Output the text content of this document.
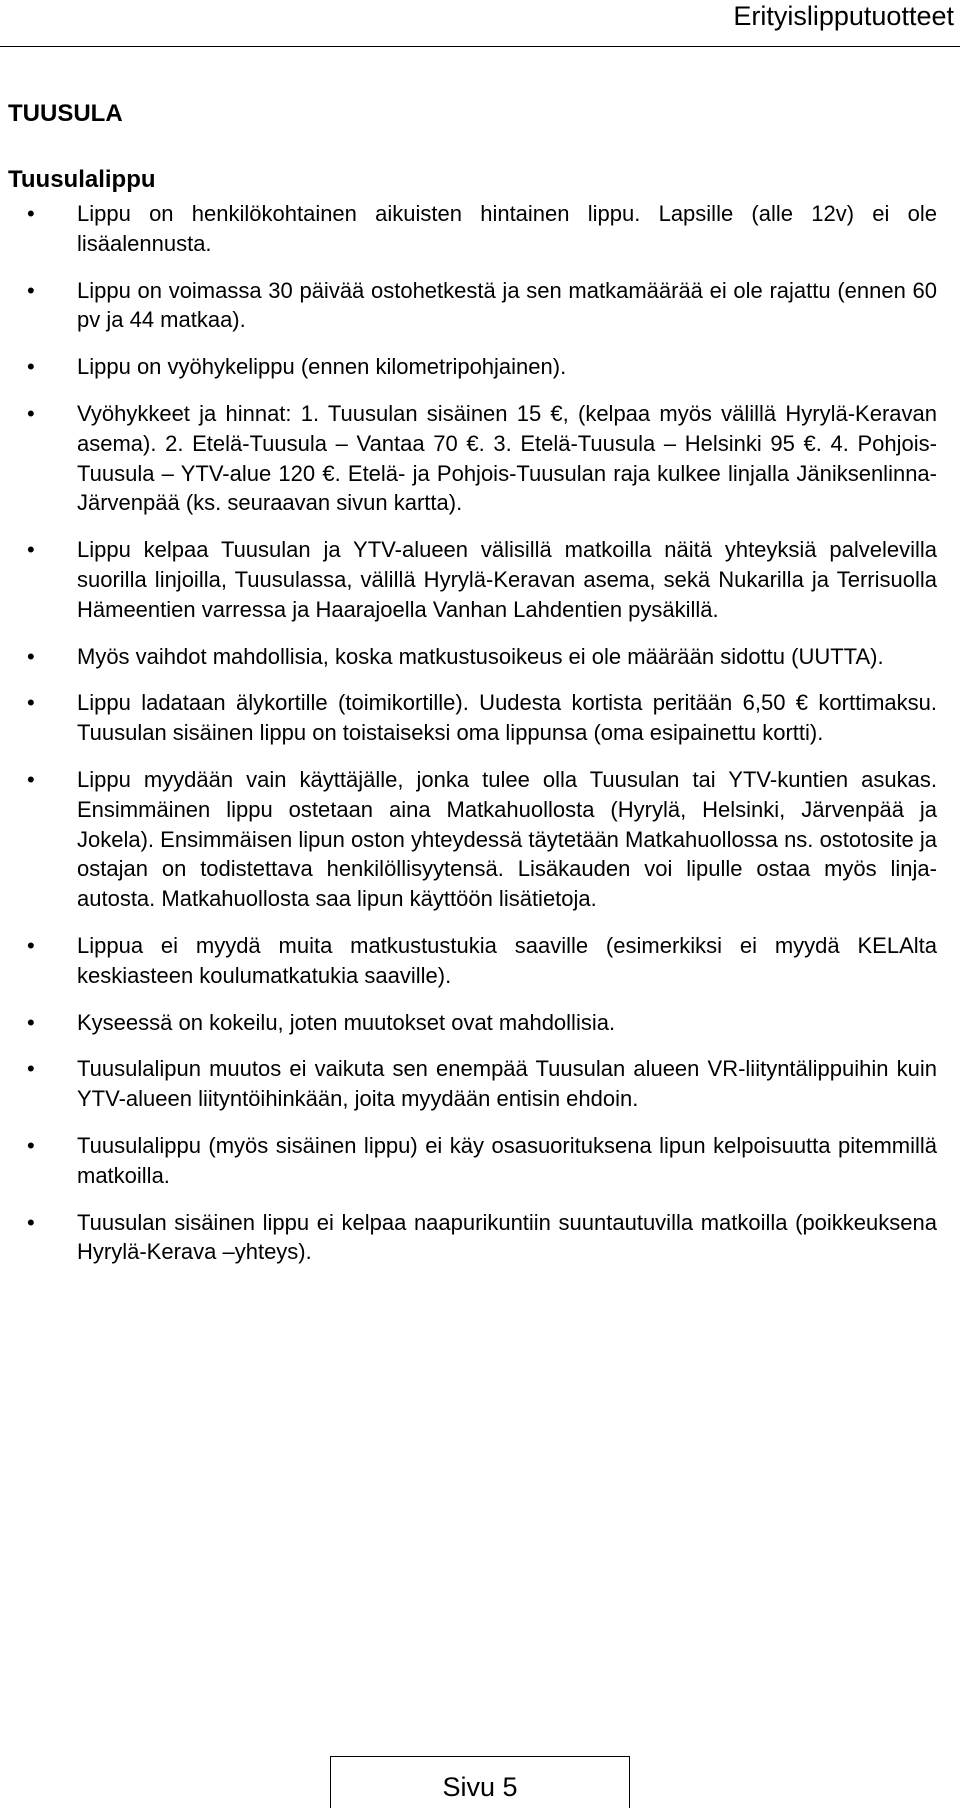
Erityislipputuotteet
TUUSULA
Tuusulalippu
• Lippu on henkilökohtainen aikuisten hintainen lippu. Lapsille (alle 12v) ei ole lisäalennusta.
• Lippu on voimassa 30 päivää ostohetkestä ja sen matkamäärää ei ole rajattu (ennen 60 pv ja 44 matkaa).
• Lippu on vyöhykelippu (ennen kilometripohjainen).
• Vyöhykkeet ja hinnat: 1. Tuusulan sisäinen 15 €, (kelpaa myös välillä Hyrylä-Keravan asema). 2. Etelä-Tuusula – Vantaa 70 €. 3. Etelä-Tuusula – Helsinki 95 €. 4. Pohjois-Tuusula – YTV-alue 120 €. Etelä- ja Pohjois-Tuusulan raja kulkee linjalla Jäniksenlinna-Järvenpää (ks. seuraavan sivun kartta).
• Lippu kelpaa Tuusulan ja YTV-alueen välisillä matkoilla näitä yhteyksiä palvelevilla suorilla linjoilla, Tuusulassa, välillä Hyrylä-Keravan asema, sekä Nukarilla ja Terrisuolla Hämeentien varressa ja Haarajoella Vanhan Lahdentien pysäkillä.
• Myös vaihdot mahdollisia, koska matkustusoikeus ei ole määrään sidottu (UUTTA).
• Lippu ladataan älykortille (toimikortille). Uudesta kortista peritään 6,50 € korttimaksu. Tuusulan sisäinen lippu on toistaiseksi oma lippunsa (oma esipainettu kortti).
• Lippu myydään vain käyttäjälle, jonka tulee olla Tuusulan tai YTV-kuntien asukas. Ensimmäinen lippu ostetaan aina Matkahuollosta (Hyrylä, Helsinki, Järvenpää ja Jokela). Ensimmäisen lipun oston yhteydessä täytetään Matkahuollossa ns. ostotosite ja ostajan on todistettava henkilöllisyytensä. Lisäkauden voi lipulle ostaa myös linja-autosta. Matkahuollosta saa lipun käyttöön lisätietoja.
• Lippua ei myydä muita matkustustukia saaville (esimerkiksi ei myydä KELAlta keskiasteen koulumatkatukia saaville).
• Kyseessä on kokeilu, joten muutokset ovat mahdollisia.
• Tuusulalipun muutos ei vaikuta sen enempää Tuusulan alueen VR-liityntälippuihin kuin YTV-alueen liityntöihinkään, joita myydään entisin ehdoin.
• Tuusulalippu (myös sisäinen lippu) ei käy osasuorituksena lipun kelpoisuutta pitemmillä matkoilla.
• Tuusulan sisäinen lippu ei kelpaa naapurikuntiin suuntautuvilla matkoilla (poikkeuksena Hyrylä-Kerava –yhteys).
Sivu 5
